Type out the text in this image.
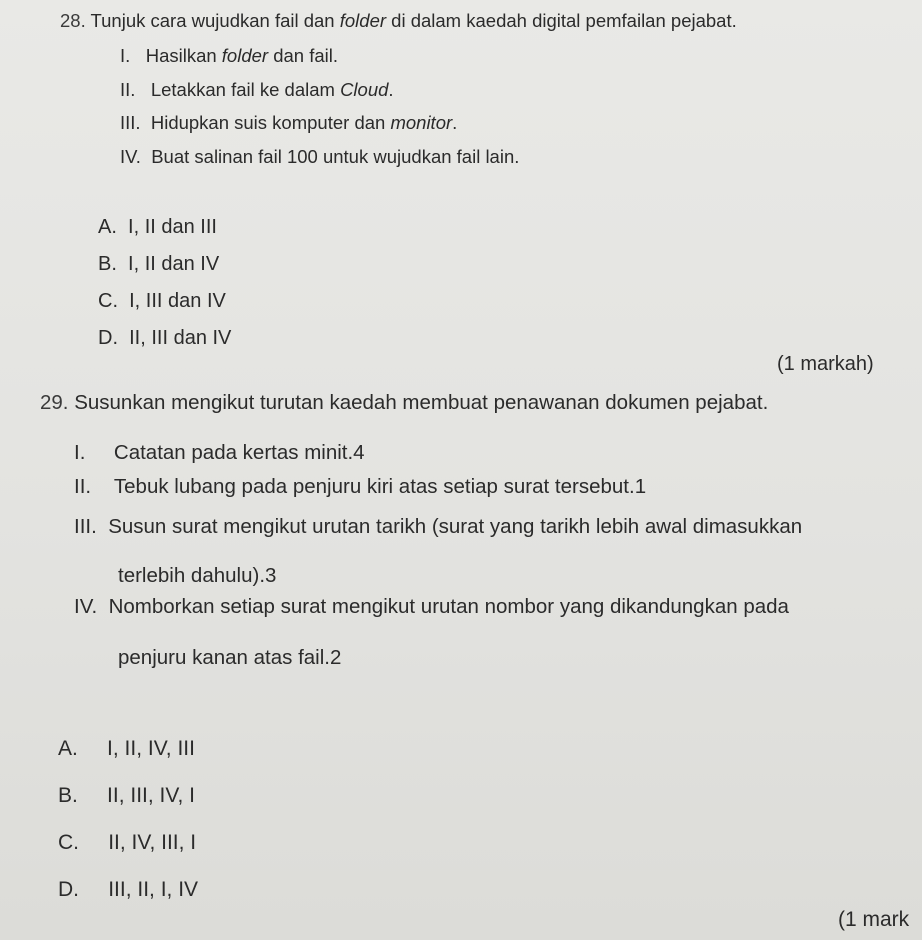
28. Tunjuk cara wujudkan fail dan folder di dalam kaedah digital pemfailan pejabat.
I. Hasilkan folder dan fail.
II. Letakkan fail ke dalam Cloud.
III. Hidupkan suis komputer dan monitor.
IV. Buat salinan fail 100 untuk wujudkan fail lain.
A. I, II dan III
B. I, II dan IV
C. I, III dan IV
D. II, III dan IV
(1 markah)
29. Susunkan mengikut turutan kaedah membuat penawanan dokumen pejabat.
I. Catatan pada kertas minit.4
II. Tebuk lubang pada penjuru kiri atas setiap surat tersebut.1
III. Susun surat mengikut urutan tarikh (surat yang tarikh lebih awal dimasukkan
terlebih dahulu).3
IV. Nomborkan setiap surat mengikut urutan nombor yang dikandungkan pada
penjuru kanan atas fail.2
A. I, II, IV, III
B. II, III, IV, I
C. II, IV, III, I
D. III, II, I, IV
(1 mark
